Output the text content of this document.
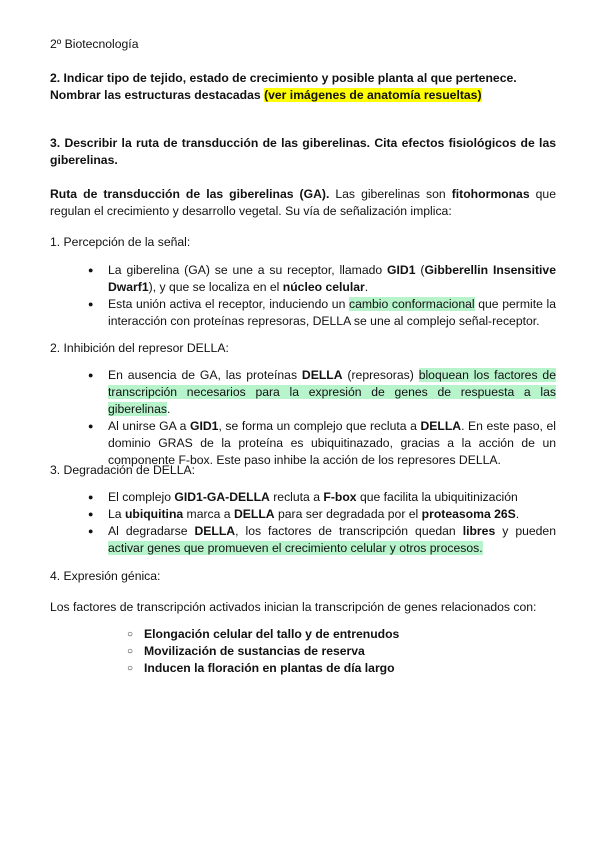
2º Biotecnología
2. Indicar tipo de tejido, estado de crecimiento y posible planta al que pertenece. Nombrar las estructuras destacadas (ver imágenes de anatomía resueltas)
3. Describir la ruta de transducción de las giberelinas. Cita efectos fisiológicos de las giberelinas.
Ruta de transducción de las giberelinas (GA). Las giberelinas son fitohormonas que regulan el crecimiento y desarrollo vegetal. Su vía de señalización implica:
1. Percepción de la señal:
● La giberelina (GA) se une a su receptor, llamado GID1 (Gibberellin Insensitive Dwarf1), y que se localiza en el núcleo celular.
● Esta unión activa el receptor, induciendo un cambio conformacional que permite la interacción con proteínas represoras, DELLA se une al complejo señal-receptor.
2. Inhibición del represor DELLA:
● En ausencia de GA, las proteínas DELLA (represoras) bloquean los factores de transcripción necesarios para la expresión de genes de respuesta a las giberelinas.
● Al unirse GA a GID1, se forma un complejo que recluta a DELLA. En este paso, el dominio GRAS de la proteína es ubiquitinazado, gracias a la acción de un componente F-box. Este paso inhibe la acción de los represores DELLA.
3. Degradación de DELLA:
● El complejo GID1-GA-DELLA recluta a F-box que facilita la ubiquitinización
● La ubiquitina marca a DELLA para ser degradada por el proteasoma 26S.
● Al degradarse DELLA, los factores de transcripción quedan libres y pueden activar genes que promueven el crecimiento celular y otros procesos.
4. Expresión génica:
Los factores de transcripción activados inician la transcripción de genes relacionados con:
○ Elongación celular del tallo y de entrenudos
○ Movilización de sustancias de reserva
○ Inducen la floración en plantas de día largo
